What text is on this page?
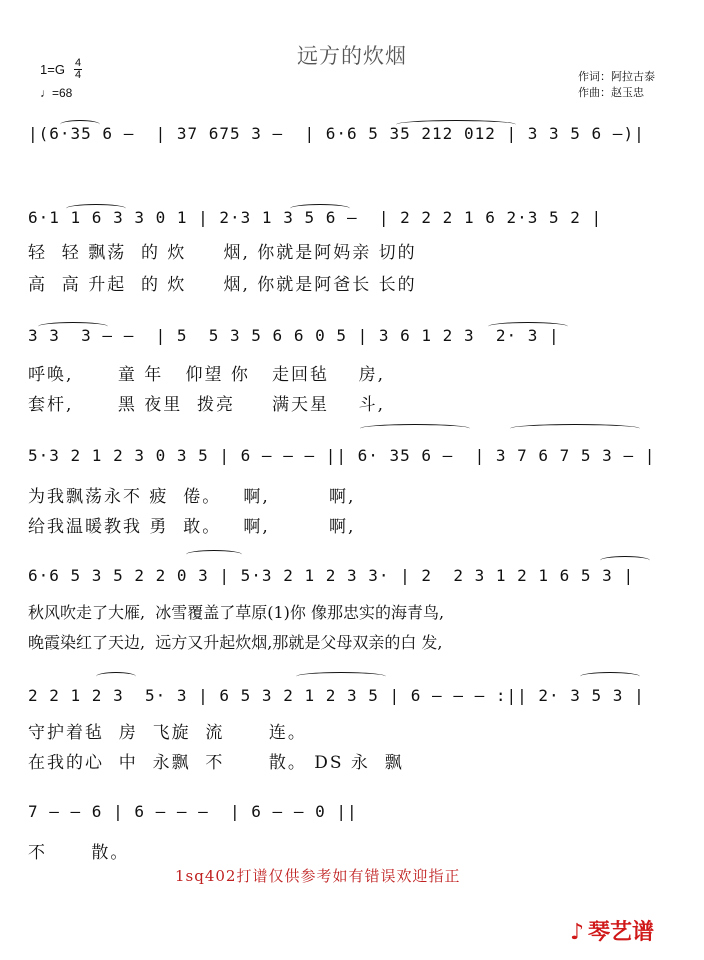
远方的炊烟
$1=G \frac{4}{4}$
♩=68
作词：阿拉古泰
作曲：赵玉忠
|(6·35 6 –  | 37 675 3 –  | 6·6 5 35 212 012 | 3 3 5 6 –)|
6·1 1 6 3 3 0 1 | 2·3 1 3 5 6 –  | 2 2 2 1 6 2·3 5 2 |
轻  轻 飘荡  的 炊     烟, 你就是阿妈亲 切的
高  高 升起  的 炊     烟, 你就是阿爸长 长的
3 3  3 – –  | 5  5 3 5 6 6 0 5 | 3 6 1 2 3  2· 3 |
呼唤,      童 年   仰望 你   走回毡    房,
套杆,      黑 夜里  拨亮     满天星    斗,
5·3 2 1 2 3 0 3 5 | 6 – – – || 6· 35 6 –  | 3 7 6 7 5 3 – |
为我飘荡永不 疲  倦。   啊,        啊,
给我温暖教我 勇  敢。   啊,        啊,
6·6 5 3 5 2 2 0 3 | 5·3 2 1 2 3 3· | 2  2 3 1 2 1 6 5 3 |
秋风吹走了大雁,  冰雪覆盖了草原(1)你 像那忠实的海青鸟,
晚霞染红了天边,  远方又升起炊烟,那就是父母双亲的白 发,
2 2 1 2 3  5· 3 | 6 5 3 2 1 2 3 5 | 6 – – – :|| 2· 3 5 3 |
守护着毡  房  飞旋  流      连。
在我的心  中  永飘  不      散。 DS 永  飘
7 – – 6 | 6 – – –  | 6 – – 0 ||
不      散。
1sq402打谱仅供参考如有错误欢迎指正
♪ 琴艺谱
